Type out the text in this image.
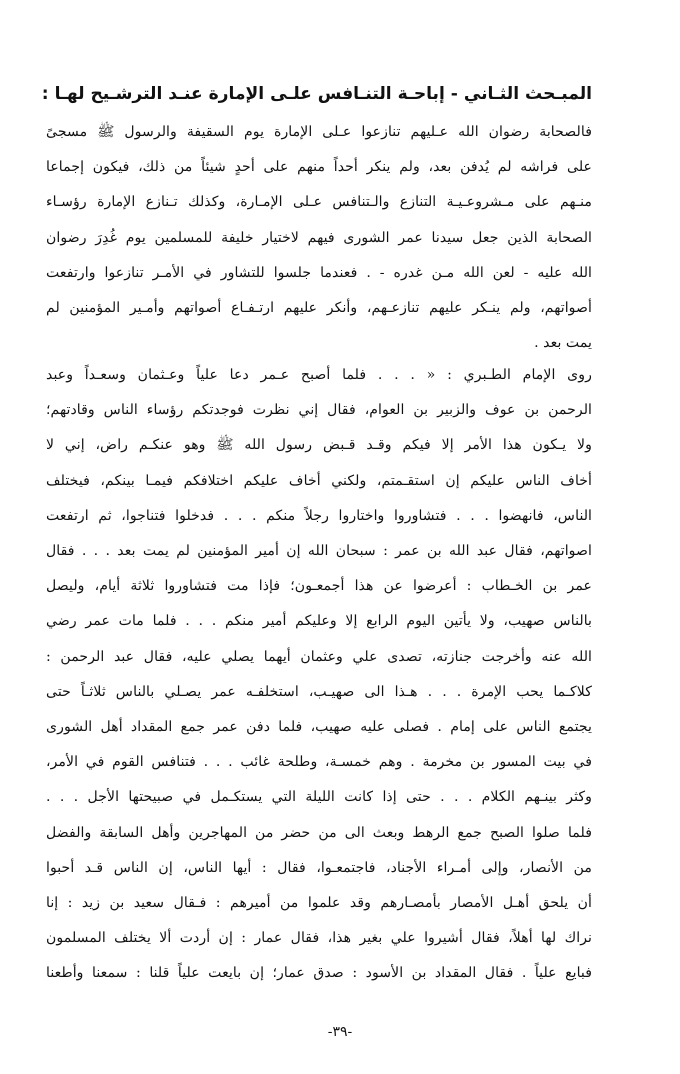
المبـحث الثـاني - إباحـة التنـافس علـى الإمارة عنـد الترشـيح لهـا :
فالصحابة رضوان الله عـليهم تنازعوا عـلى الإمارة يوم السقيفة والرسول ﷺ مسجىً
على فراشه لم يُدفن بعد، ولم ينكر أحداً منهم على أحدٍ شيئاً من ذلك، فيكون إجماعا
منـهم على مـشروعـيـة التنازع والـتنافس عـلى الإمـارة، وكذلك تـنازع الإمارة رؤسـاء
الصحابة الذين جعل سيدنا عمر الشورى فيهم لاختيار خليفة للمسلمين يوم غُدِرَ رضوان
الله عليه - لعن الله مـن غدره - . فعندما جلسوا للتشاور في الأمـر تنازعوا وارتفعت
أصواتهم، ولم ينـكر عليهم تنازعـهم، وأنكر عليهم ارتـفـاع أصواتهم وأمـير المؤمنين لم
يمت بعد .
روى الإمام الطـبري : « . . . فلما أصبح عـمر دعا علياً وعـثمان وسعـداً وعبد
الرحمن بن عوف والزبير بن العوام، فقال إني نظرت فوجدتكم رؤساء الناس وقادتهم؛
ولا يـكون هذا الأمر إلا فيكم وقـد قـبض رسول الله ﷺ وهو عنكـم راض، إني لا
أخاف الناس عليكم إن استقـمتم، ولكني أخاف عليكم اختلافكم فيمـا بينكم، فيختلف
الناس، فانهضوا . . . فتشاوروا واختاروا رجلاً منكم . . . فدخلوا فتناجوا، ثم ارتفعت
اصواتهم، فقال عبد الله بن عمر : سبحان الله إن أمير المؤمنين لم يمت بعد . . . فقال
عمر بن الخـطاب : أعرضوا عن هذا أجمعـون؛ فإذا مت فتشاوروا ثلاثة أيام، وليصل
بالناس صهيب، ولا يأتين اليوم الرابع إلا وعليكم أمير منكم . . . فلما مات عمر رضي
الله عنه وأخرجت جنازته، تصدى علي وعثمان أيهما يصلي عليه، فقال عبد الرحمن :
كلاكـما يحب الإمرة . . . هـذا الى صهيـب، استخلفـه عمر يصـلي بالناس ثلاثـاً حتى
يجتمع الناس على إمام . فصلى عليه صهيب، فلما دفن عمر جمع المقداد أهل الشورى
في بيت المسور بن مخرمة . وهم خمسـة، وطلحة غائب . . . فتنافس القوم في الأمر،
وكثر بينـهم الكلام . . . حتى إذا كانت الليلة التي يستكـمل في صبيحتها الأجل . . .
فلما صلوا الصبح جمع الرهط وبعث الى من حضر من المهاجرين وأهل السابقة والفضل
من الأنصار، وإلى أمـراء الأجناد، فاجتمعـوا، فقال : أيها الناس، إن الناس قـد أحبوا
أن يلحق أهـل الأمصار بأمصـارهم وقد علموا من أميرهم : فـقال سعيد بن زيد : إنا
نراك لها أهلاً، فقال أشيروا علي بغير هذا، فقال عمار : إن أردت ألا يختلف المسلمون
فبايع علياً . فقال المقداد بن الأسود : صدق عمار؛ إن بايعت علياً قلنا : سمعنا وأطعنا
-٣٩-
